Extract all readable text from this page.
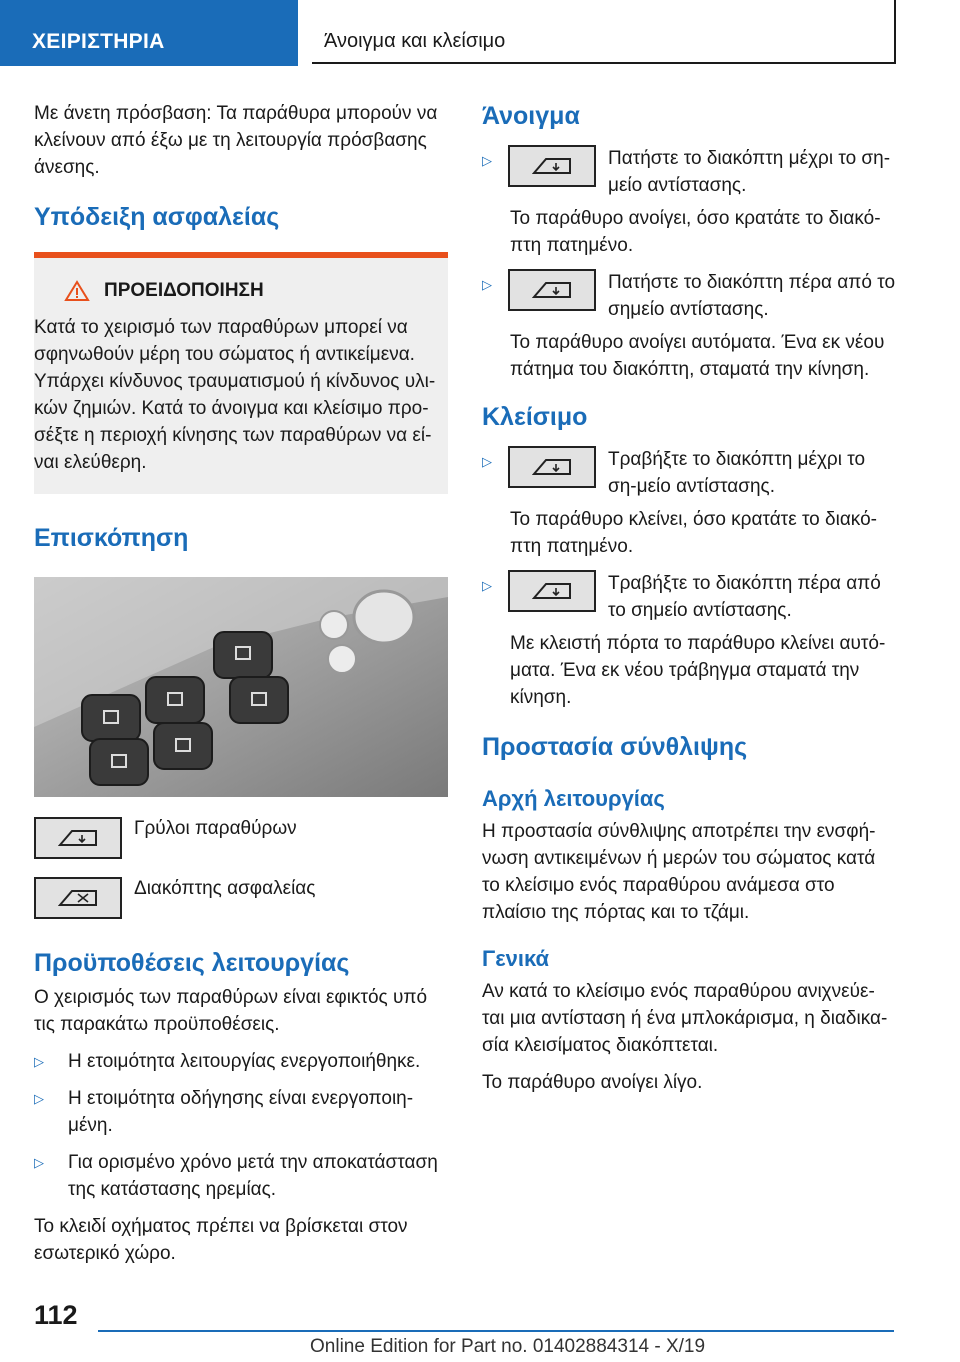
ΧΕΙΡΙΣΤΗΡΙΑ	Άνοιγμα και κλείσιμο

Με άνετη πρόσβαση: Τα παράθυρα μπορούν να κλείνουν από έξω με τη λειτουργία πρόσβασης άνεσης.

Υπόδειξη ασφαλείας
ΠΡΟΕΙΔΟΠΟΙΗΣΗ

Κατά το χειρισμό των παραθύρων μπορεί να σφηνωθούν μέρη του σώματος ή αντικείμενα. Υπάρχει κίνδυνος τραυματισμού ή κίνδυνος υλι-κών ζημιών. Κατά το άνοιγμα και κλείσιμο προ-σέξτε η περιοχή κίνησης των παραθύρων να εί-ναι ελεύθερη.

Επισκόπηση

Γρύλοι παραθύρων

Διακόπτης ασφαλείας

Προϋποθέσεις λειτουργίας

Ο χειρισμός των παραθύρων είναι εφικτός υπό τις παρακάτω προϋποθέσεις.

▷	Η ετοιμότητα λειτουργίας ενεργοποιήθηκε.
▷	Η ετοιμότητα οδήγησης είναι ενεργοποιη-μένη.
▷	Για ορισμένο χρόνο μετά την αποκατάσταση της κατάστασης ηρεμίας.

Το κλειδί οχήματος πρέπει να βρίσκεται στον εσωτερικό χώρο.

Άνοιγμα
▷	Πατήστε το διακόπτη μέχρι το ση-μείο αντίστασης.

Το παράθυρο ανοίγει, όσο κρατάτε το διακό-πτη πατημένο.

▷	Πατήστε το διακόπτη πέρα από το σημείο αντίστασης.

Το παράθυρο ανοίγει αυτόματα. Ένα εκ νέου πάτημα του διακόπτη, σταματά την κίνηση.

Κλείσιμο
▷	Τραβήξτε το διακόπτη μέχρι το ση-μείο αντίστασης.

Το παράθυρο κλείνει, όσο κρατάτε το διακό-πτη πατημένο.

▷	Τραβήξτε το διακόπτη πέρα από το σημείο αντίστασης.

Με κλειστή πόρτα το παράθυρο κλείνει αυτό-ματα. Ένα εκ νέου τράβηγμα σταματά την κίνηση.

Προστασία σύνθλιψης
Αρχή λειτουργίας

Η προστασία σύνθλιψης αποτρέπει την ενσφή-νωση αντικειμένων ή μερών του σώματος κατά το κλείσιμο ενός παραθύρου ανάμεσα στο πλαίσιο της πόρτας και το τζάμι.

Γενικά

Αν κατά το κλείσιμο ενός παραθύρου ανιχνεύε-ται μια αντίσταση ή ένα μπλοκάρισμα, η διαδικα-σία κλεισίματος διακόπτεται.

Το παράθυρο ανοίγει λίγο.

112
Online Edition for Part no. 01402884314 - X/19
